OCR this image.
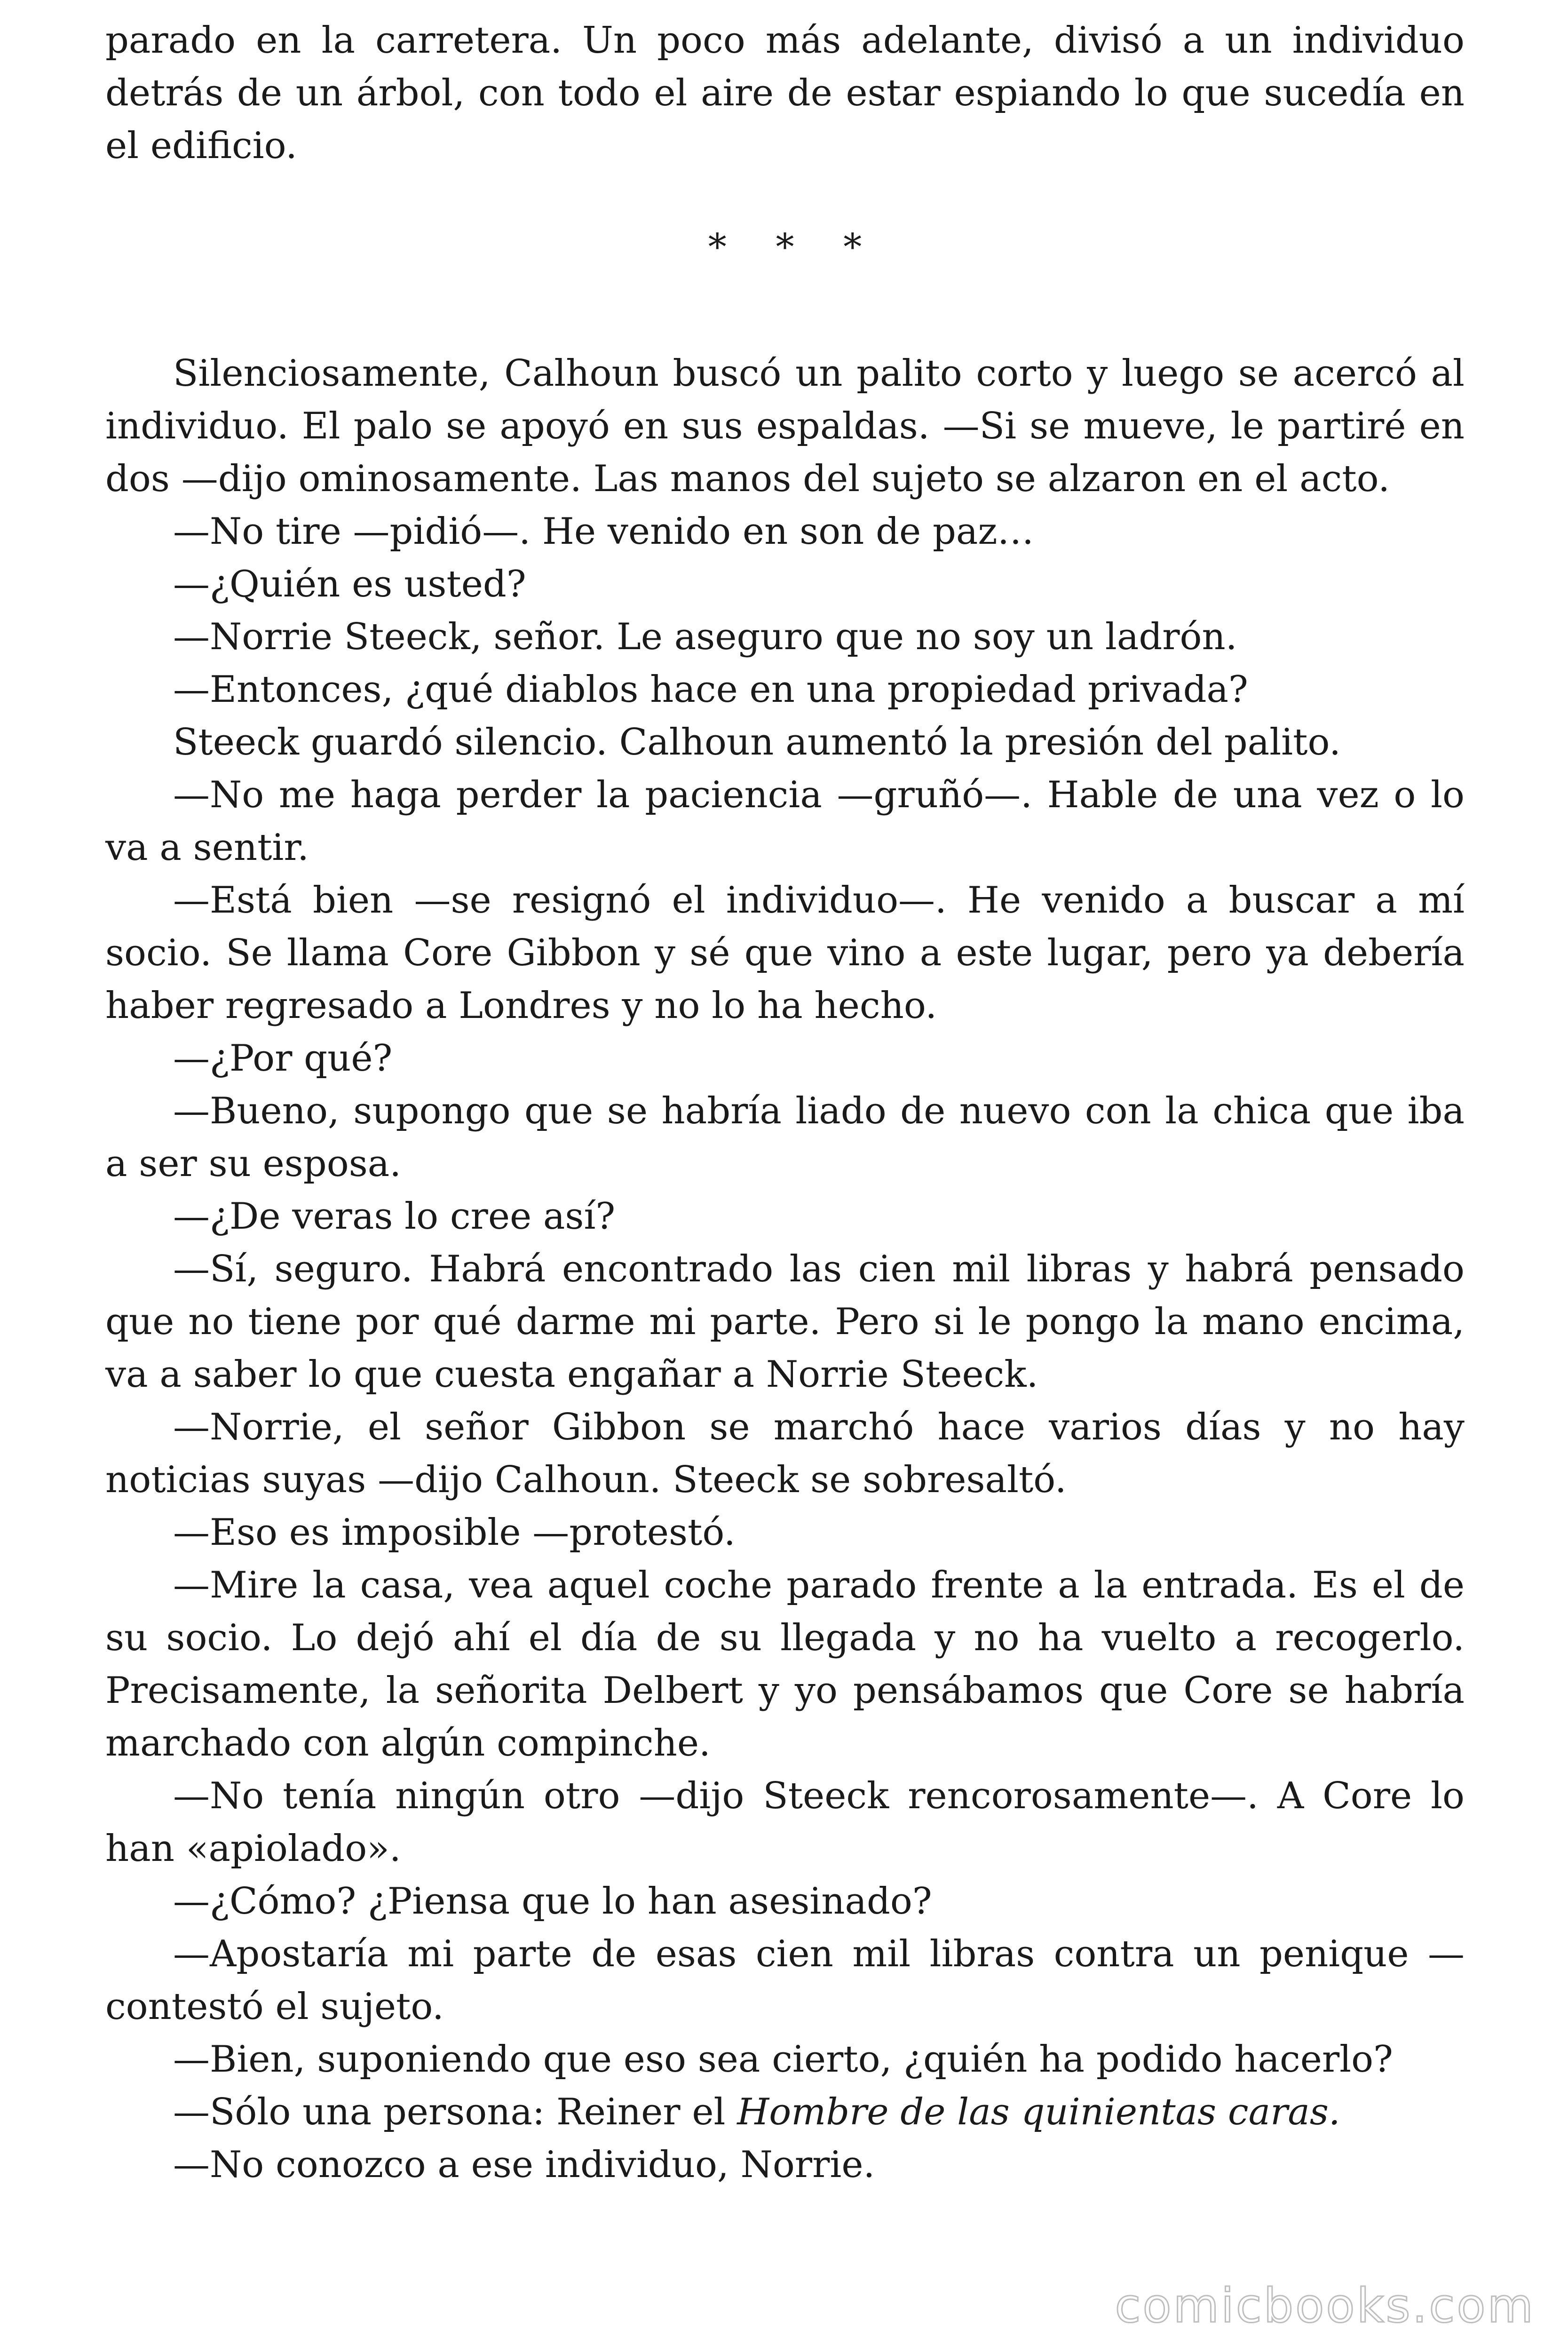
parado en la carretera. Un poco más adelante, divisó a un individuo detrás de un árbol, con todo el aire de estar espiando lo que sucedía en el edificio.

* * *

Silenciosamente, Calhoun buscó un palito corto y luego se acercó al individuo. El palo se apoyó en sus espaldas. —Si se mueve, le partiré en dos —dijo ominosamente. Las manos del sujeto se alzaron en el acto.

—No tire —pidió—. He venido en son de paz…

—¿Quién es usted?

—Norrie Steeck, señor. Le aseguro que no soy un ladrón.

—Entonces, ¿qué diablos hace en una propiedad privada?

Steeck guardó silencio. Calhoun aumentó la presión del palito.

—No me haga perder la paciencia —gruñó—. Hable de una vez o lo va a sentir.

—Está bien —se resignó el individuo—. He venido a buscar a mí socio. Se llama Core Gibbon y sé que vino a este lugar, pero ya debería haber regresado a Londres y no lo ha hecho.

—¿Por qué?

—Bueno, supongo que se habría liado de nuevo con la chica que iba a ser su esposa.

—¿De veras lo cree así?

—Sí, seguro. Habrá encontrado las cien mil libras y habrá pensado que no tiene por qué darme mi parte. Pero si le pongo la mano encima, va a saber lo que cuesta engañar a Norrie Steeck.

—Norrie, el señor Gibbon se marchó hace varios días y no hay noticias suyas —dijo Calhoun. Steeck se sobresaltó.

—Eso es imposible —protestó.

—Mire la casa, vea aquel coche parado frente a la entrada. Es el de su socio. Lo dejó ahí el día de su llegada y no ha vuelto a recogerlo. Precisamente, la señorita Delbert y yo pensábamos que Core se habría marchado con algún compinche.

—No tenía ningún otro —dijo Steeck rencorosamente—. A Core lo han «apiolado».

—¿Cómo? ¿Piensa que lo han asesinado?

—Apostaría mi parte de esas cien mil libras contra un penique —contestó el sujeto.

—Bien, suponiendo que eso sea cierto, ¿quién ha podido hacerlo?

—Sólo una persona: Reiner el Hombre de las quinientas caras.

—No conozco a ese individuo, Norrie.

comicbooks.com
